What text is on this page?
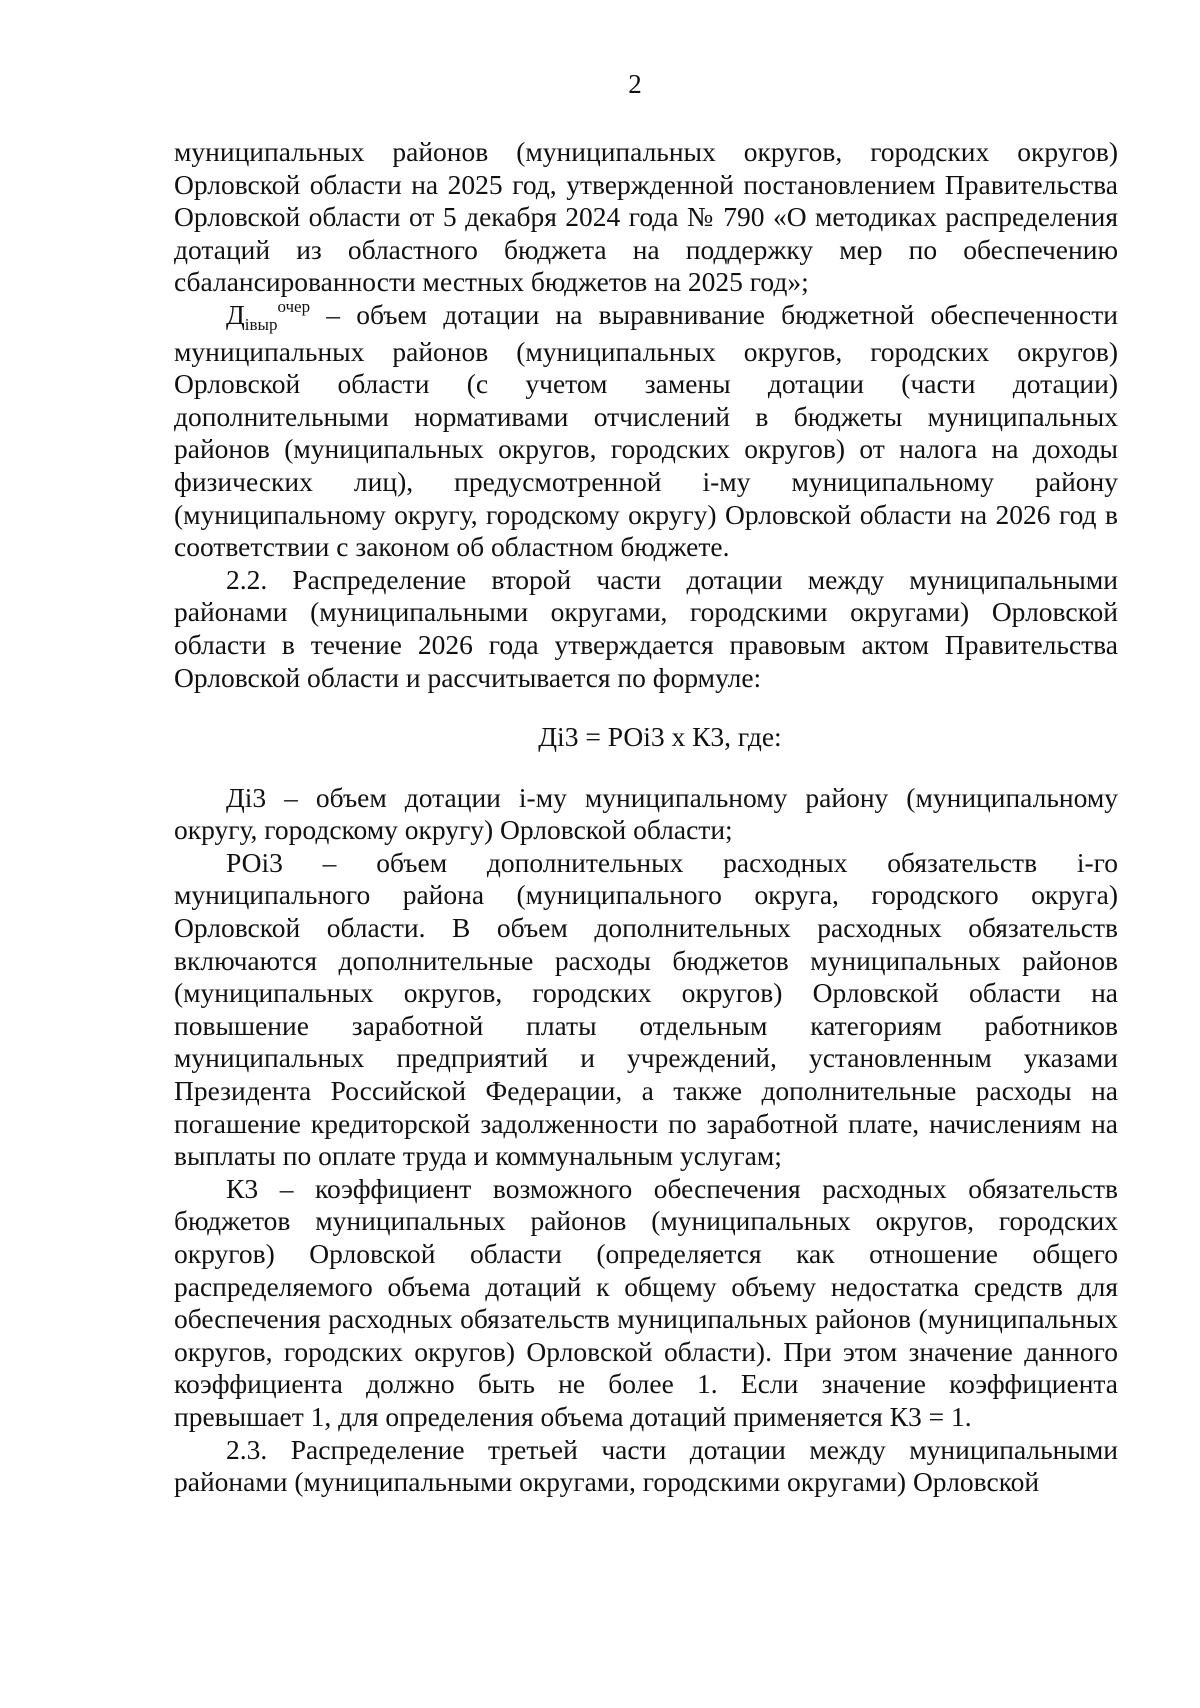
2

муниципальных районов (муниципальных округов, городских округов) Орловской области на 2025 год, утвержденной постановлением Правительства Орловской области от 5 декабря 2024 года № 790 «О методиках распределения дотаций из областного бюджета на поддержку мер по обеспечению сбалансированности местных бюджетов на 2025 год»;

$Д_{iвыр}^{очер}$ – объем дотации на выравнивание бюджетной обеспеченности муниципальных районов (муниципальных округов, городских округов) Орловской области (с учетом замены дотации (части дотации) дополнительными нормативами отчислений в бюджеты муниципальных районов (муниципальных округов, городских округов) от налога на доходы физических лиц), предусмотренной i-му муниципальному району (муниципальному округу, городскому округу) Орловской области на 2026 год в соответствии с законом об областном бюджете.

2.2. Распределение второй части дотации между муниципальными районами (муниципальными округами, городскими округами) Орловской области в течение 2026 года утверждается правовым актом Правительства Орловской области и рассчитывается по формуле:

Дi3 = РОi3 х К3, где:

Дi3 – объем дотации i-му муниципальному району (муниципальному округу, городскому округу) Орловской области;

РОi3 – объем дополнительных расходных обязательств i-го муниципального района (муниципального округа, городского округа) Орловской области. В объем дополнительных расходных обязательств включаются дополнительные расходы бюджетов муниципальных районов (муниципальных округов, городских округов) Орловской области на повышение заработной платы отдельным категориям работников муниципальных предприятий и учреждений, установленным указами Президента Российской Федерации, а также дополнительные расходы на погашение кредиторской задолженности по заработной плате, начислениям на выплаты по оплате труда и коммунальным услугам;

К3 – коэффициент возможного обеспечения расходных обязательств бюджетов муниципальных районов (муниципальных округов, городских округов) Орловской области (определяется как отношение общего распределяемого объема дотаций к общему объему недостатка средств для обеспечения расходных обязательств муниципальных районов (муниципальных округов, городских округов) Орловской области). При этом значение данного коэффициента должно быть не более 1. Если значение коэффициента превышает 1, для определения объема дотаций применяется К3 = 1.

2.3. Распределение третьей части дотации между муниципальными районами (муниципальными округами, городскими округами) Орловской
